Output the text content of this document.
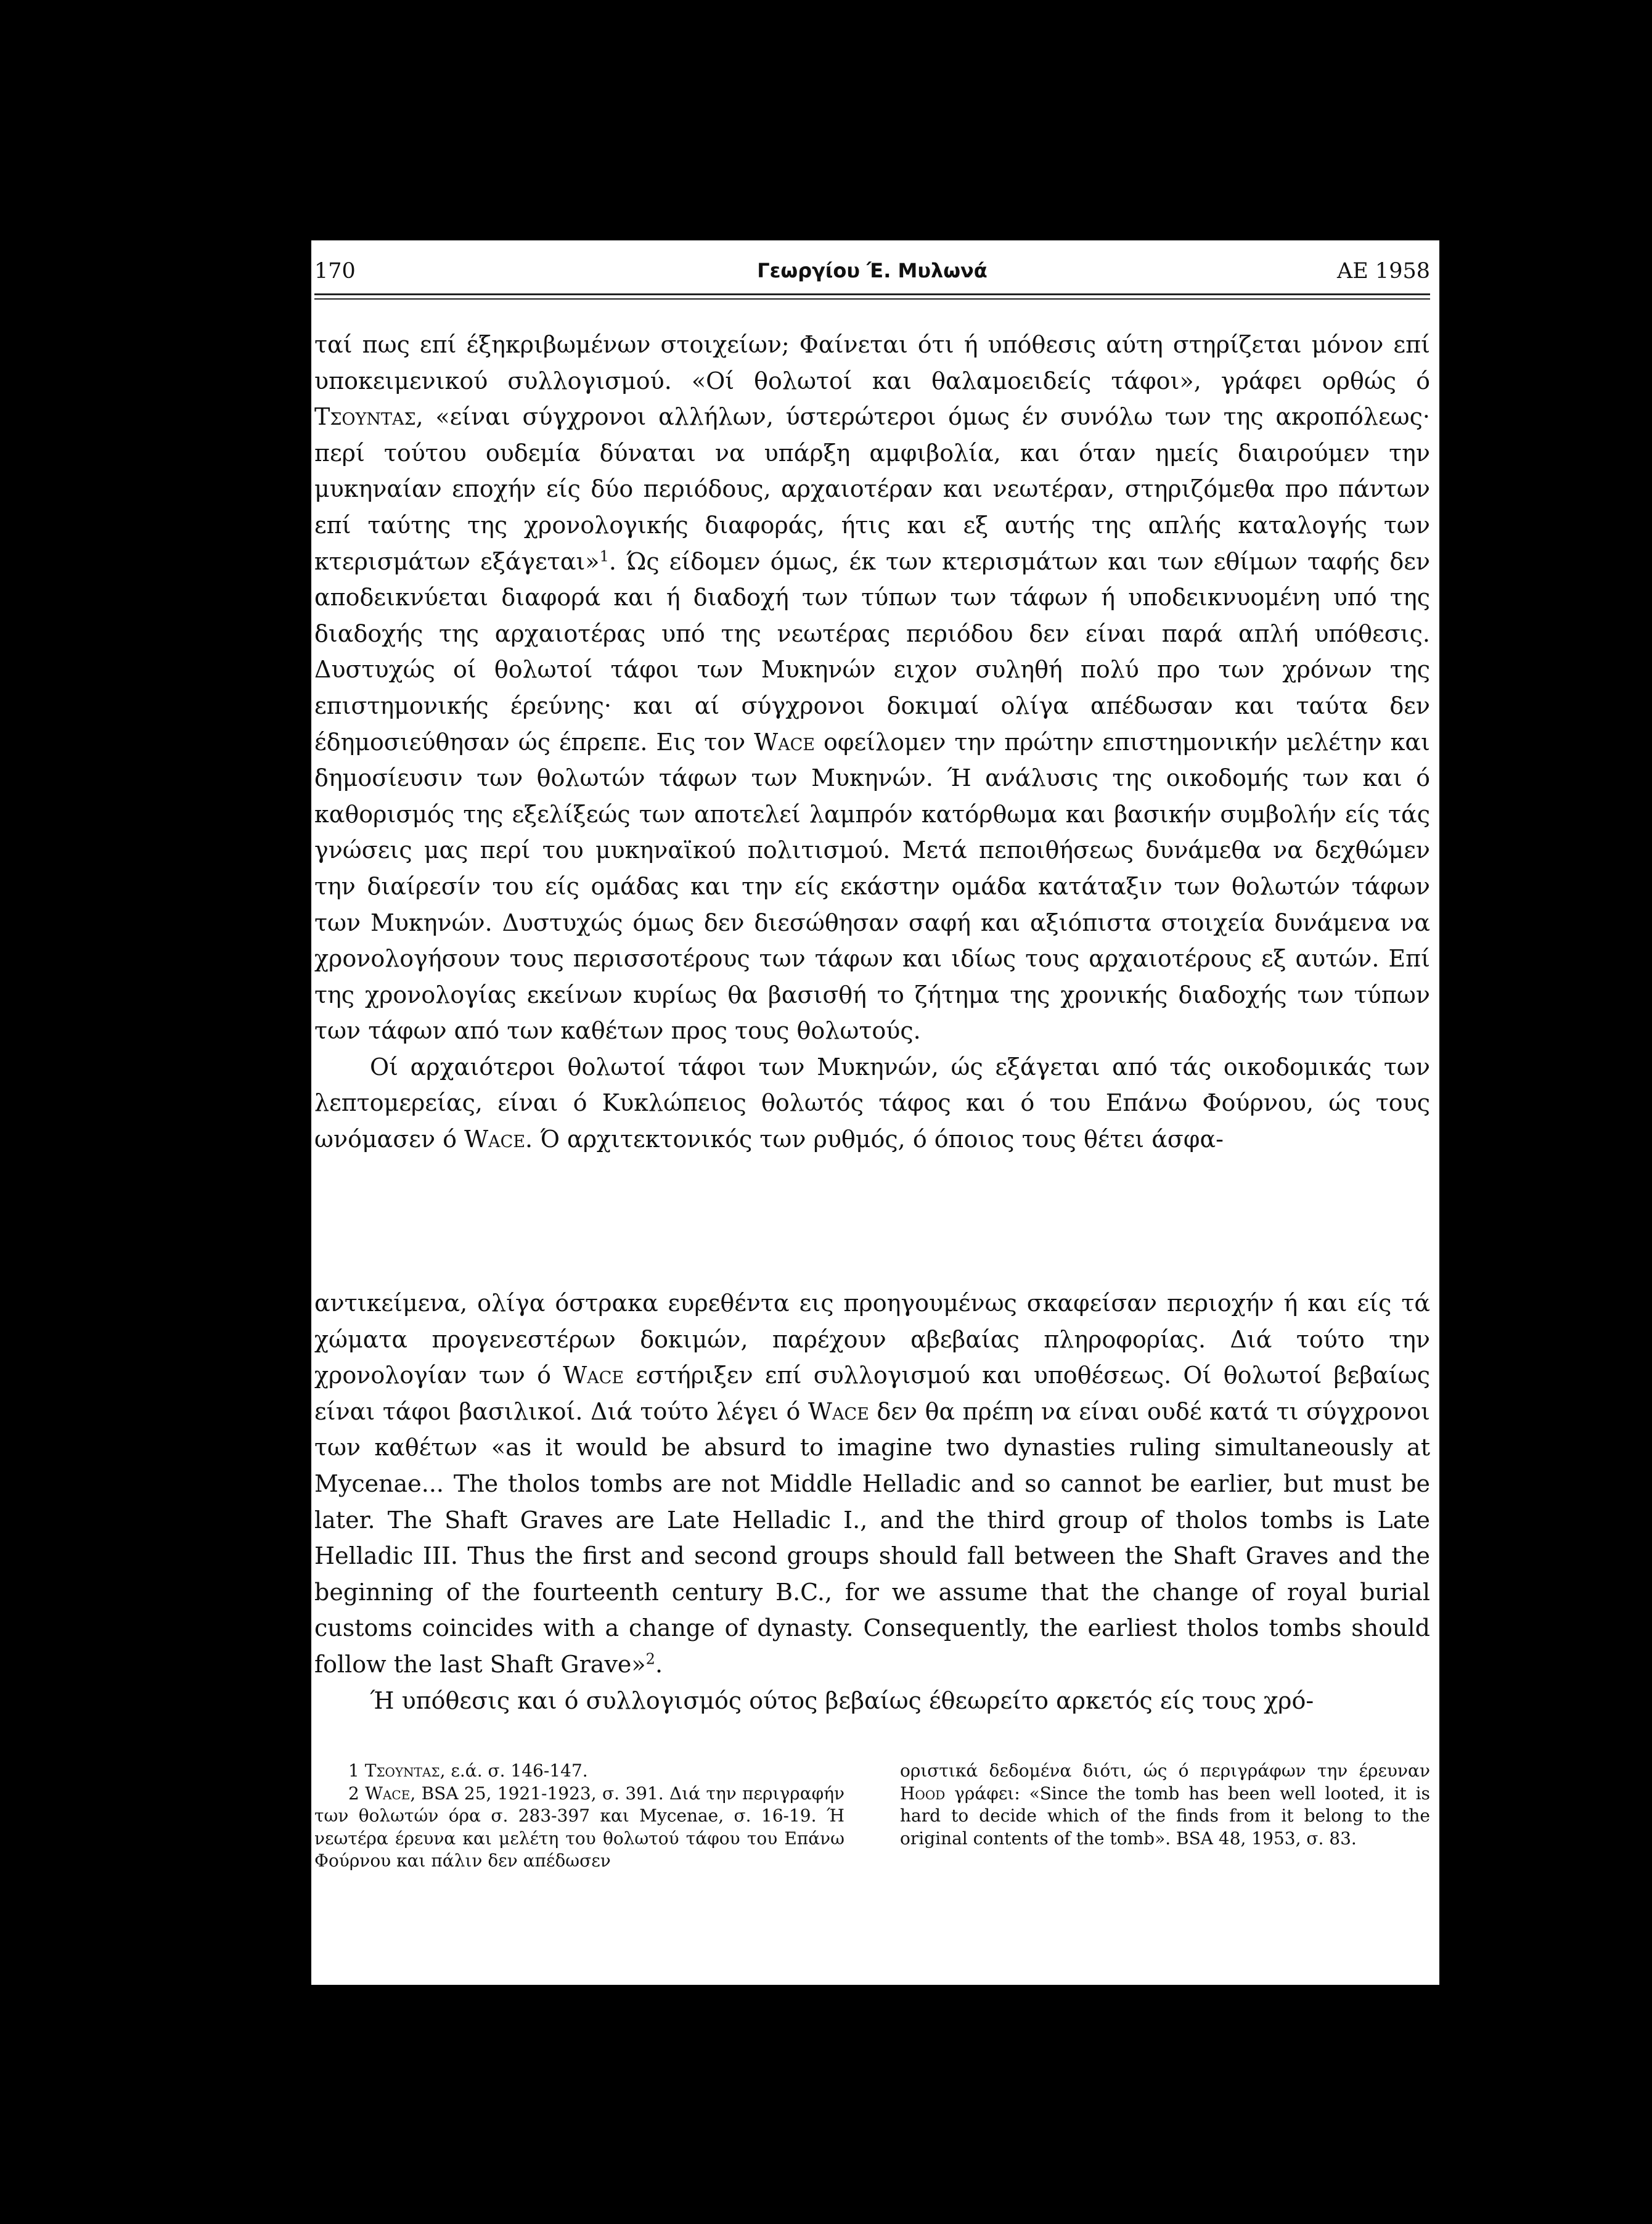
170	Γεωργίου Έ. Μυλωνά	ΑΕ 1958

ταί πως επί έξηκριβωμένων στοιχείων; Φαίνεται ότι ή υπόθεσις αύτη στηρίζεται μόνον επί υποκειμενικού συλλογισμού. «Οί θολωτοί και θαλαμοειδείς τάφοι», γράφει ορθώς ό Τσουντας, «είναι σύγχρονοι αλλήλων, ύστερώτεροι όμως έν συνόλω των της ακροπόλεως· περί τούτου ουδεμία δύναται να υπάρξη αμφιβολία, και όταν ημείς διαιρούμεν την μυκηναίαν εποχήν είς δύο περιόδους, αρχαιοτέραν και νεωτέραν, στηριζόμεθα προ πάντων επί ταύτης της χρονολογικής διαφοράς, ήτις και εξ αυτής της απλής καταλογής των κτερισμάτων εξάγεται»$^1$. Ώς είδομεν όμως, έκ των κτερισμάτων και των εθίμων ταφής δεν αποδεικνύεται διαφορά και ή διαδοχή των τύπων των τάφων ή υποδεικνυομένη υπό της διαδοχής της αρχαιοτέρας υπό της νεωτέρας περιόδου δεν είναι παρά απλή υπόθεσις. Δυστυχώς οί θολωτοί τάφοι των Μυκηνών ειχον συληθή πολύ προ των χρόνων της επιστημονικής έρεύνης· και αί σύγχρονοι δοκιμαί ολίγα απέδωσαν και ταύτα δεν έδημοσιεύθησαν ώς έπρεπε. Εις τον Wace οφείλομεν την πρώτην επιστημονικήν μελέτην και δημοσίευσιν των θολωτών τάφων των Μυκηνών. Ή ανάλυσις της οικοδομής των και ό καθορισμός της εξελίξεώς των αποτελεί λαμπρόν κατόρθωμα και βασικήν συμβολήν είς τάς γνώσεις μας περί του μυκηναϊκού πολιτισμού. Μετά πεποιθήσεως δυνάμεθα να δεχθώμεν την διαίρεσίν του είς ομάδας και την είς εκάστην ομάδα κατάταξιν των θολωτών τάφων των Μυκηνών. Δυστυχώς όμως δεν διεσώθησαν σαφή και αξιόπιστα στοιχεία δυνάμενα να χρονολογήσουν τους περισσοτέρους των τάφων και ιδίως τους αρχαιοτέρους εξ αυτών. Επί της χρονολογίας εκείνων κυρίως θα βασισθή το ζήτημα της χρονικής διαδοχής των τύπων των τάφων από των καθέτων προς τους θολωτούς.

Οί αρχαιότεροι θολωτοί τάφοι των Μυκηνών, ώς εξάγεται από τάς οικοδομικάς των λεπτομερείας, είναι ό Κυκλώπειος θολωτός τάφος και ό του Επάνω Φούρνου, ώς τους ωνόμασεν ό Wace. Ό αρχιτεκτονικός των ρυθμός, ό όποιος τους θέτει άσφα-

αντικείμενα, ολίγα όστρακα ευρεθέντα εις προηγουμένως σκαφείσαν περιοχήν ή και είς τά χώματα προγενεστέρων δοκιμών, παρέχουν αβεβαίας πληροφορίας. Διά τούτο την χρονολογίαν των ό Wace εστήριξεν επί συλλογισμού και υποθέσεως. Οί θολωτοί βεβαίως είναι τάφοι βασιλικοί. Διά τούτο λέγει ό Wace δεν θα πρέπη να είναι ουδέ κατά τι σύγχρονοι των καθέτων «as it would be absurd to imagine two dynasties ruling simultaneously at Mycenae... The tholos tombs are not Middle Helladic and so cannot be earlier, but must be later. The Shaft Graves are Late Helladic I., and the third group of tholos tombs is Late Helladic III. Thus the first and second groups should fall between the Shaft Graves and the beginning of the fourteenth century B.C., for we assume that the change of royal burial customs coincides with a change of dynasty. Consequently, the earliest tholos tombs should follow the last Shaft Grave»$^2$.

Ή υπόθεσις και ό συλλογισμός ούτος βεβαίως έθεωρείτο αρκετός είς τους χρό-

1 Τσουντας, ε.ά. σ. 146-147.

2 Wace, BSA 25, 1921-1923, σ. 391. Διά την περιγραφήν των θολωτών όρα σ. 283-397 και Mycenae, σ. 16-19. Ή νεωτέρα έρευνα και μελέτη του θολωτού τάφου του Επάνω Φούρνου και πάλιν δεν απέδωσεν

οριστικά δεδομένα διότι, ώς ό περιγράφων την έρευναν Hood γράφει: «Since the tomb has been well looted, it is hard to decide which of the finds from it belong to the original contents of the tomb». BSA 48, 1953, σ. 83.
